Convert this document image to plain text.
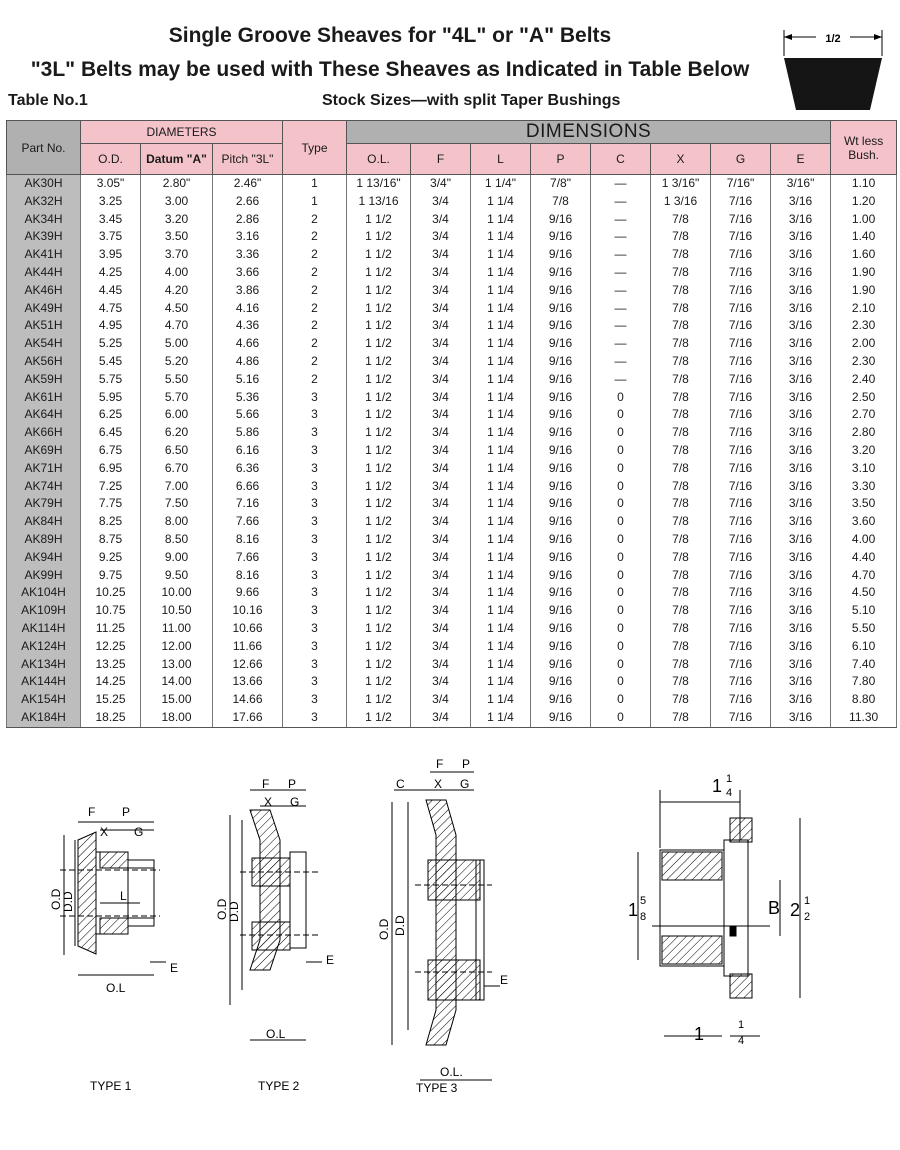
Single Groove Sheaves for "4L" or "A" Belts
"3L" Belts may be used with These Sheaves as Indicated in Table Below
Table No.1	Stock Sizes—with split Taper Bushings
1/2
Part No.	DIAMETERS			Type	DIMENSIONS								Wt less Bush.
	O.D.	Datum "A"	Pitch "3L"		O.L.	F	L	P	C	X	G	E	
AK30H	3.05"	2.80"	2.46"	1	1 13/16"	3/4"	1 1/4"	7/8"	—	1 3/16"	7/16"	3/16"	1.10
AK32H	3.25	3.00	2.66	1	1 13/16	3/4	1 1/4	7/8	—	1 3/16	7/16	3/16	1.20
AK34H	3.45	3.20	2.86	2	1 1/2	3/4	1 1/4	9/16	—	7/8	7/16	3/16	1.00
AK39H	3.75	3.50	3.16	2	1 1/2	3/4	1 1/4	9/16	—	7/8	7/16	3/16	1.40
AK41H	3.95	3.70	3.36	2	1 1/2	3/4	1 1/4	9/16	—	7/8	7/16	3/16	1.60
AK44H	4.25	4.00	3.66	2	1 1/2	3/4	1 1/4	9/16	—	7/8	7/16	3/16	1.90
AK46H	4.45	4.20	3.86	2	1 1/2	3/4	1 1/4	9/16	—	7/8	7/16	3/16	1.90
AK49H	4.75	4.50	4.16	2	1 1/2	3/4	1 1/4	9/16	—	7/8	7/16	3/16	2.10
AK51H	4.95	4.70	4.36	2	1 1/2	3/4	1 1/4	9/16	—	7/8	7/16	3/16	2.30
AK54H	5.25	5.00	4.66	2	1 1/2	3/4	1 1/4	9/16	—	7/8	7/16	3/16	2.00
AK56H	5.45	5.20	4.86	2	1 1/2	3/4	1 1/4	9/16	—	7/8	7/16	3/16	2.30
AK59H	5.75	5.50	5.16	2	1 1/2	3/4	1 1/4	9/16	—	7/8	7/16	3/16	2.40
AK61H	5.95	5.70	5.36	3	1 1/2	3/4	1 1/4	9/16	0	7/8	7/16	3/16	2.50
AK64H	6.25	6.00	5.66	3	1 1/2	3/4	1 1/4	9/16	0	7/8	7/16	3/16	2.70
AK66H	6.45	6.20	5.86	3	1 1/2	3/4	1 1/4	9/16	0	7/8	7/16	3/16	2.80
AK69H	6.75	6.50	6.16	3	1 1/2	3/4	1 1/4	9/16	0	7/8	7/16	3/16	3.20
AK71H	6.95	6.70	6.36	3	1 1/2	3/4	1 1/4	9/16	0	7/8	7/16	3/16	3.10
AK74H	7.25	7.00	6.66	3	1 1/2	3/4	1 1/4	9/16	0	7/8	7/16	3/16	3.30
AK79H	7.75	7.50	7.16	3	1 1/2	3/4	1 1/4	9/16	0	7/8	7/16	3/16	3.50
AK84H	8.25	8.00	7.66	3	1 1/2	3/4	1 1/4	9/16	0	7/8	7/16	3/16	3.60
AK89H	8.75	8.50	8.16	3	1 1/2	3/4	1 1/4	9/16	0	7/8	7/16	3/16	4.00
AK94H	9.25	9.00	7.66	3	1 1/2	3/4	1 1/4	9/16	0	7/8	7/16	3/16	4.40
AK99H	9.75	9.50	8.16	3	1 1/2	3/4	1 1/4	9/16	0	7/8	7/16	3/16	4.70
AK104H	10.25	10.00	9.66	3	1 1/2	3/4	1 1/4	9/16	0	7/8	7/16	3/16	4.50
AK109H	10.75	10.50	10.16	3	1 1/2	3/4	1 1/4	9/16	0	7/8	7/16	3/16	5.10
AK114H	11.25	11.00	10.66	3	1 1/2	3/4	1 1/4	9/16	0	7/8	7/16	3/16	5.50
AK124H	12.25	12.00	11.66	3	1 1/2	3/4	1 1/4	9/16	0	7/8	7/16	3/16	6.10
AK134H	13.25	13.00	12.66	3	1 1/2	3/4	1 1/4	9/16	0	7/8	7/16	3/16	7.40
AK144H	14.25	14.00	13.66	3	1 1/2	3/4	1 1/4	9/16	0	7/8	7/16	3/16	7.80
AK154H	15.25	15.00	14.66	3	1 1/2	3/4	1 1/4	9/16	0	7/8	7/16	3/16	8.80
AK184H	18.25	18.00	17.66	3	1 1/2	3/4	1 1/4	9/16	0	7/8	7/16	3/16	11.30
F P
X G
O.D
D.D	L
E
O.L
TYPE 1
F P
X G
O.D
D.D
E
O.L
TYPE 2
F P
C X G
O.D D.D
E
O.L.
TYPE 3
1 1
4
1 5
8	B 2 1
2
1	1
4
